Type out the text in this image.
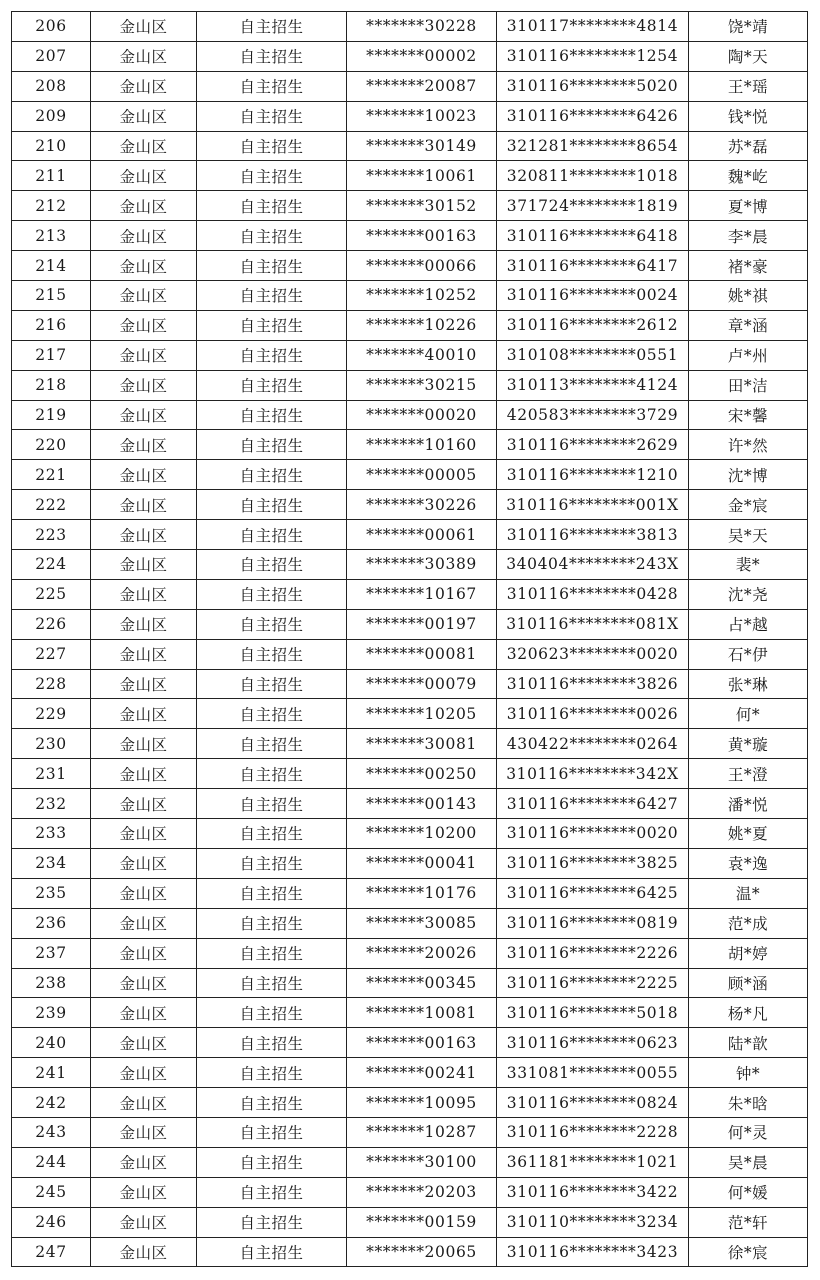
206	金山区	自主招生	*******30228	310117********4814	饶*靖
207	金山区	自主招生	*******00002	310116********1254	陶*天
208	金山区	自主招生	*******20087	310116********5020	王*瑶
209	金山区	自主招生	*******10023	310116********6426	钱*悦
210	金山区	自主招生	*******30149	321281********8654	苏*磊
211	金山区	自主招生	*******10061	320811********1018	魏*屹
212	金山区	自主招生	*******30152	371724********1819	夏*博
213	金山区	自主招生	*******00163	310116********6418	李*晨
214	金山区	自主招生	*******00066	310116********6417	褚*豪
215	金山区	自主招生	*******10252	310116********0024	姚*祺
216	金山区	自主招生	*******10226	310116********2612	章*涵
217	金山区	自主招生	*******40010	310108********0551	卢*州
218	金山区	自主招生	*******30215	310113********4124	田*洁
219	金山区	自主招生	*******00020	420583********3729	宋*馨
220	金山区	自主招生	*******10160	310116********2629	许*然
221	金山区	自主招生	*******00005	310116********1210	沈*博
222	金山区	自主招生	*******30226	310116********001X	金*宸
223	金山区	自主招生	*******00061	310116********3813	吴*天
224	金山区	自主招生	*******30389	340404********243X	裴*
225	金山区	自主招生	*******10167	310116********0428	沈*尧
226	金山区	自主招生	*******00197	310116********081X	占*越
227	金山区	自主招生	*******00081	320623********0020	石*伊
228	金山区	自主招生	*******00079	310116********3826	张*琳
229	金山区	自主招生	*******10205	310116********0026	何*
230	金山区	自主招生	*******30081	430422********0264	黄*璇
231	金山区	自主招生	*******00250	310116********342X	王*澄
232	金山区	自主招生	*******00143	310116********6427	潘*悦
233	金山区	自主招生	*******10200	310116********0020	姚*夏
234	金山区	自主招生	*******00041	310116********3825	袁*逸
235	金山区	自主招生	*******10176	310116********6425	温*
236	金山区	自主招生	*******30085	310116********0819	范*成
237	金山区	自主招生	*******20026	310116********2226	胡*婷
238	金山区	自主招生	*******00345	310116********2225	顾*涵
239	金山区	自主招生	*******10081	310116********5018	杨*凡
240	金山区	自主招生	*******00163	310116********0623	陆*歆
241	金山区	自主招生	*******00241	331081********0055	钟*
242	金山区	自主招生	*******10095	310116********0824	朱*晗
243	金山区	自主招生	*******10287	310116********2228	何*灵
244	金山区	自主招生	*******30100	361181********1021	吴*晨
245	金山区	自主招生	*******20203	310116********3422	何*媛
246	金山区	自主招生	*******00159	310110********3234	范*轩
247	金山区	自主招生	*******20065	310116********3423	徐*宸
